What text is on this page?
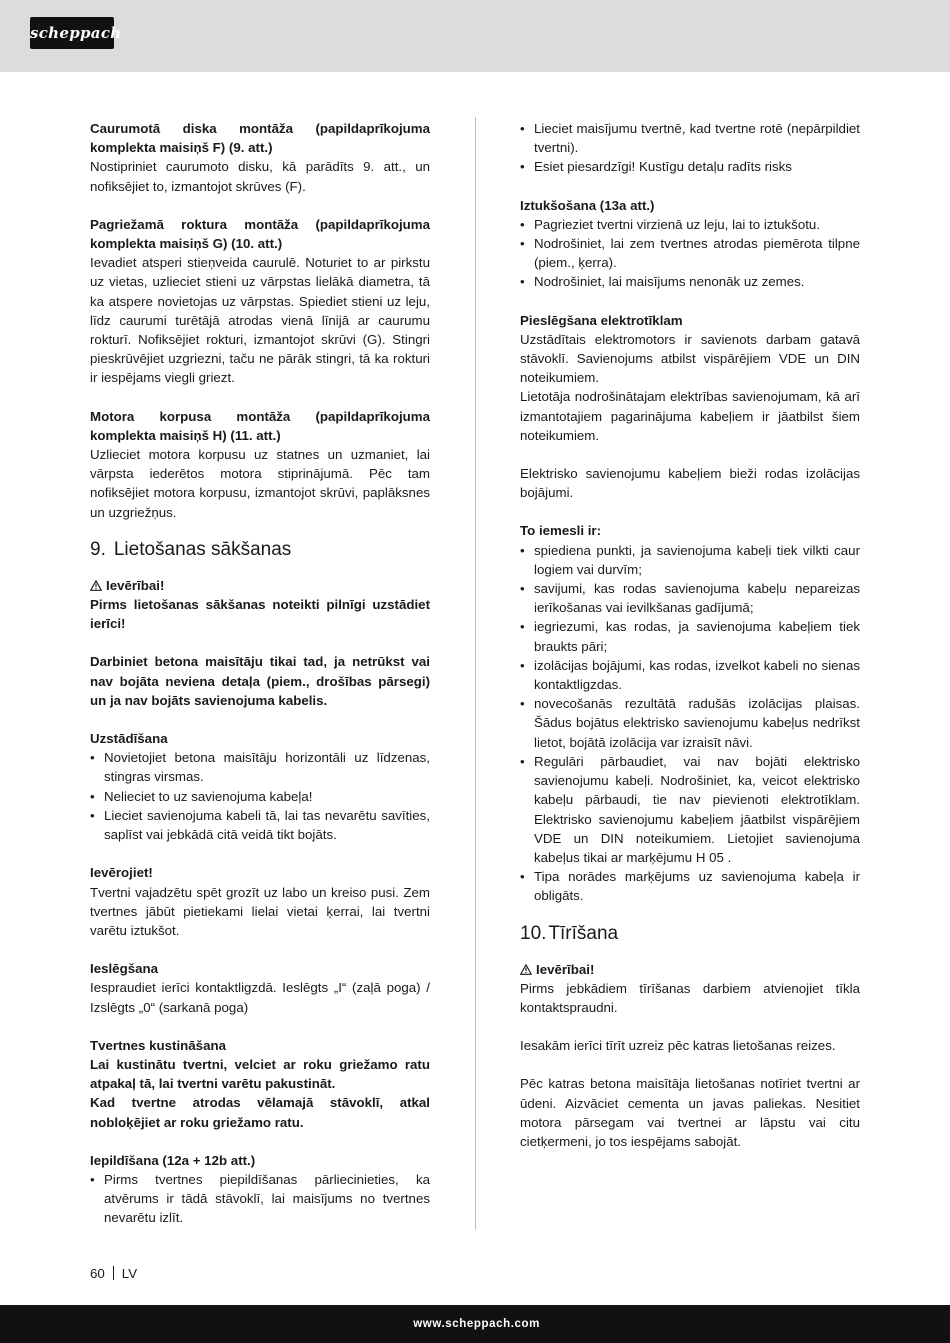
scheppach

Caurumotā diska montāža (papildaprīkojuma komplekta maisiņš F) (9. att.)

Nostipriniet caurumoto disku, kā parādīts 9. att., un nofiksējiet to, izmantojot skrūves (F).

Pagriežamā roktura montāža (papildaprīkojuma komplekta maisiņš G) (10. att.)

Ievadiet atsperi stieņveida caurulē. Noturiet to ar pirkstu uz vietas, uzlieciet stieni uz vārpstas lielākā diametra, tā ka atspere novietojas uz vārpstas. Spiediet stieni uz leju, līdz caurumi turētājā atrodas vienā līnijā ar caurumu rokturī. Nofiksējiet rokturi, izmantojot skrūvi (G). Stingri pieskrūvējiet uzgriezni, taču ne pārāk stingri, tā ka rokturi ir iespējams viegli griezt.

Motora korpusa montāža (papildaprīkojuma komplekta maisiņš H) (11. att.)

Uzlieciet motora korpusu uz statnes un uzmaniet, lai vārpsta iederētos motora stiprinājumā. Pēc tam nofiksējiet motora korpusu, izmantojot skrūvi, paplāksnes un uzgriežņus.

9. Lietošanas sākšanas

Ievērībai!

Pirms lietošanas sākšanas noteikti pilnīgi uzstādiet ierīci!

Darbiniet betona maisītāju tikai tad, ja netrūkst vai nav bojāta neviena detaļa (piem., drošības pārsegi) un ja nav bojāts savienojuma kabelis.

Uzstādīšana

• Novietojiet betona maisītāju horizontāli uz līdzenas, stingras virsmas.
• Nelieciet to uz savienojuma kabeļa!
• Lieciet savienojuma kabeli tā, lai tas nevarētu savīties, saplīst vai jebkādā citā veidā tikt bojāts.

Ievērojiet!

Tvertni vajadzētu spēt grozīt uz labo un kreiso pusi. Zem tvertnes jābūt pietiekami lielai vietai ķerrai, lai tvertni varētu iztukšot.

Ieslēgšana

Iespraudiet ierīci kontaktligzdā. Ieslēgts „I“ (zaļā poga) / Izslēgts „0“ (sarkanā poga)

Tvertnes kustināšana

Lai kustinātu tvertni, velciet ar roku griežamo ratu atpakaļ tā, lai tvertni varētu pakustināt.

Kad tvertne atrodas vēlamajā stāvoklī, atkal nobloķējiet ar roku griežamo ratu.

Iepildīšana (12a + 12b att.)

• Pirms tvertnes piepildīšanas pārliecinieties, ka atvērums ir tādā stāvoklī, lai maisījums no tvertnes nevarētu izlīt.
• Lieciet maisījumu tvertnē, kad tvertne rotē (nepārpildiet tvertni).
• Esiet piesardzīgi! Kustīgu detaļu radīts risks

Iztukšošana (13a att.)

• Pagrieziet tvertni virzienā uz leju, lai to iztukšotu.
• Nodrošiniet, lai zem tvertnes atrodas piemērota tilpne (piem., ķerra).
• Nodrošiniet, lai maisījums nenonāk uz zemes.

Pieslēgšana elektrotīklam

Uzstādītais elektromotors ir savienots darbam gatavā stāvoklī. Savienojums atbilst vispārējiem VDE un DIN noteikumiem.

Lietotāja nodrošinātajam elektrības savienojumam, kā arī izmantotajiem pagarinājuma kabeļiem ir jāatbilst šiem noteikumiem.

Elektrisko savienojumu kabeļiem bieži rodas izolācijas bojājumi.

To iemesli ir:

• spiediena punkti, ja savienojuma kabeļi tiek vilkti caur logiem vai durvīm;
• savijumi, kas rodas savienojuma kabeļu nepareizas ierīkošanas vai ievilkšanas gadījumā;
• iegriezumi, kas rodas, ja savienojuma kabeļiem tiek braukts pāri;
• izolācijas bojājumi, kas rodas, izvelkot kabeli no sienas kontaktligzdas.
• novecošanās rezultātā radušās izolācijas plaisas. Šādus bojātus elektrisko savienojumu kabeļus nedrīkst lietot, bojātā izolācija var izraisīt nāvi.
• Regulāri pārbaudiet, vai nav bojāti elektrisko savienojumu kabeļi. Nodrošiniet, ka, veicot elektrisko kabeļu pārbaudi, tie nav pievienoti elektrotīklam. Elektrisko savienojumu kabeļiem jāatbilst vispārējiem VDE un DIN noteikumiem. Lietojiet savienojuma kabeļus tikai ar marķējumu H 05 .
• Tipa norādes marķējums uz savienojuma kabeļa ir obligāts.
10. Tīrīšana

Ievērībai!

Pirms jebkādiem tīrīšanas darbiem atvienojiet tīkla kontaktspraudni.

Iesakām ierīci tīrīt uzreiz pēc katras lietošanas reizes.

Pēc katras betona maisītāja lietošanas notīriet tvertni ar ūdeni. Aizvāciet cementa un javas paliekas. Nesitiet motora pārsegam vai tvertnei ar lāpstu vai citu cietķermeni, jo tos iespējams sabojāt.

60 LV
www.scheppach.com
